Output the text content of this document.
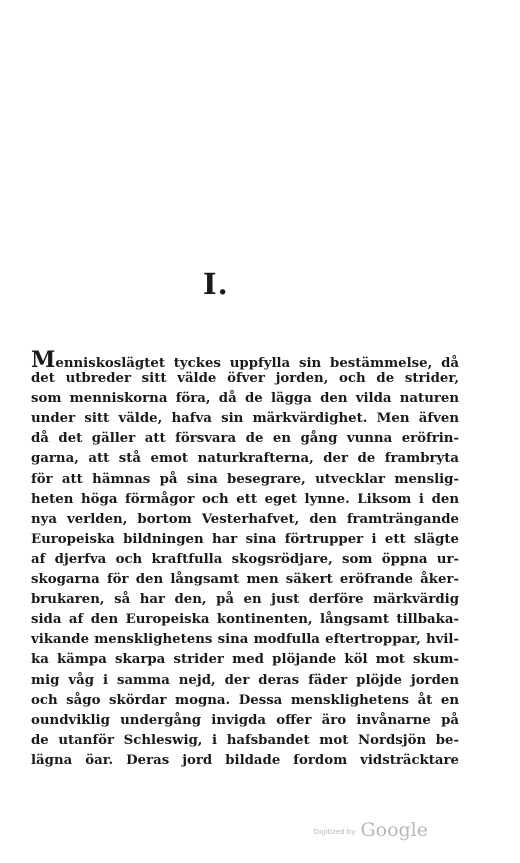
I.
Menniskoslägtet tyckes uppfylla sin bestämmelse, då
det utbreder sitt välde öfver jorden, och de strider,
som menniskorna föra, då de lägga den vilda naturen
under sitt välde, hafva sin märkvärdighet. Men äfven
då det gäller att försvara de en gång vunna eröfrin-
garna, att stå emot naturkrafterna, der de frambryta
för att hämnas på sina besegrare, utvecklar menslig-
heten höga förmågor och ett eget lynne. Liksom i den
nya verlden, bortom Vesterhafvet, den framträngande
Europeiska bildningen har sina förtrupper i ett slägte
af djerfva och kraftfulla skogsrödjare, som öppna ur-
skogarna för den långsamt men säkert eröfrande åker-
brukaren, så har den, på en just derföre märkvärdig
sida af den Europeiska kontinenten, långsamt tillbaka-
vikande mensklighetens sina modfulla eftertroppar, hvil-
ka kämpa skarpa strider med plöjande köl mot skum-
mig våg i samma nejd, der deras fäder plöjde jorden
och sågo skördar mogna. Dessa mensklighetens åt en
oundviklig undergång invigda offer äro invånarne på
de utanför Schleswig, i hafsbandet mot Nordsjön be-
lägna öar. Deras jord bildade fordom vidsträcktare
Digitized by Google
